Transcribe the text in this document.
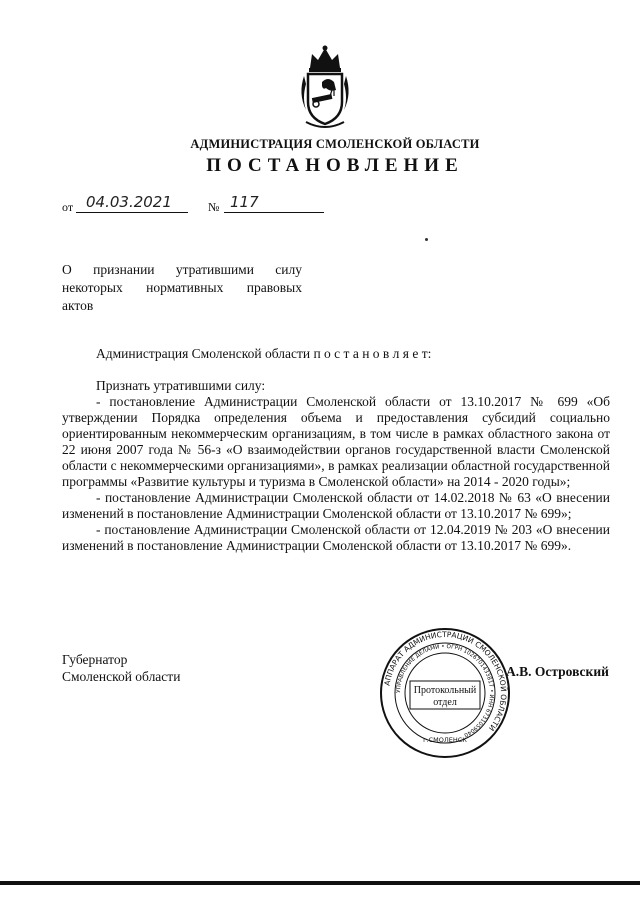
АДМИНИСТРАЦИЯ СМОЛЕНСКОЙ ОБЛАСТИ
ПОСТАНОВЛЕНИЕ
от 04.03.2021	№ 117
О признании утратившими силу
некоторых нормативных правовых
актов
Администрация Смоленской области п о с т а н о в л я е т:

Признать утратившими силу:

- постановление Администрации Смоленской области от 13.10.2017 № 699 «Об утверждении Порядка определения объема и предоставления субсидий социально ориентированным некоммерческим организациям, в том числе в рамках областного закона от 22 июня 2007 года № 56-з «О взаимодействии органов государственной власти Смоленской области с некоммерческими организациями», в рамках реализации областной государственной программы «Развитие культуры и туризма в Смоленской области» на 2014 - 2020 годы»;

- постановление Администрации Смоленской области от 14.02.2018 № 63 «О внесении изменений в постановление Администрации Смоленской области от 13.10.2017 № 699»;

- постановление Администрации Смоленской области от 12.04.2019 № 203 «О внесении изменений в постановление Администрации Смоленской области от 13.10.2017 № 699».

Губернатор
Смоленской области	АППАРАТ АДМИНИСТРАЦИИ СМОЛЕНСКОЙ ОБЛАСТИ
УПРАВЛЕНИЕ ДЕЛАМИ • ОГРН 1026701433817 • ИНН 6731059040
г.СМОЛЕНСК
Протокольный
отдел
А.В. Островский
